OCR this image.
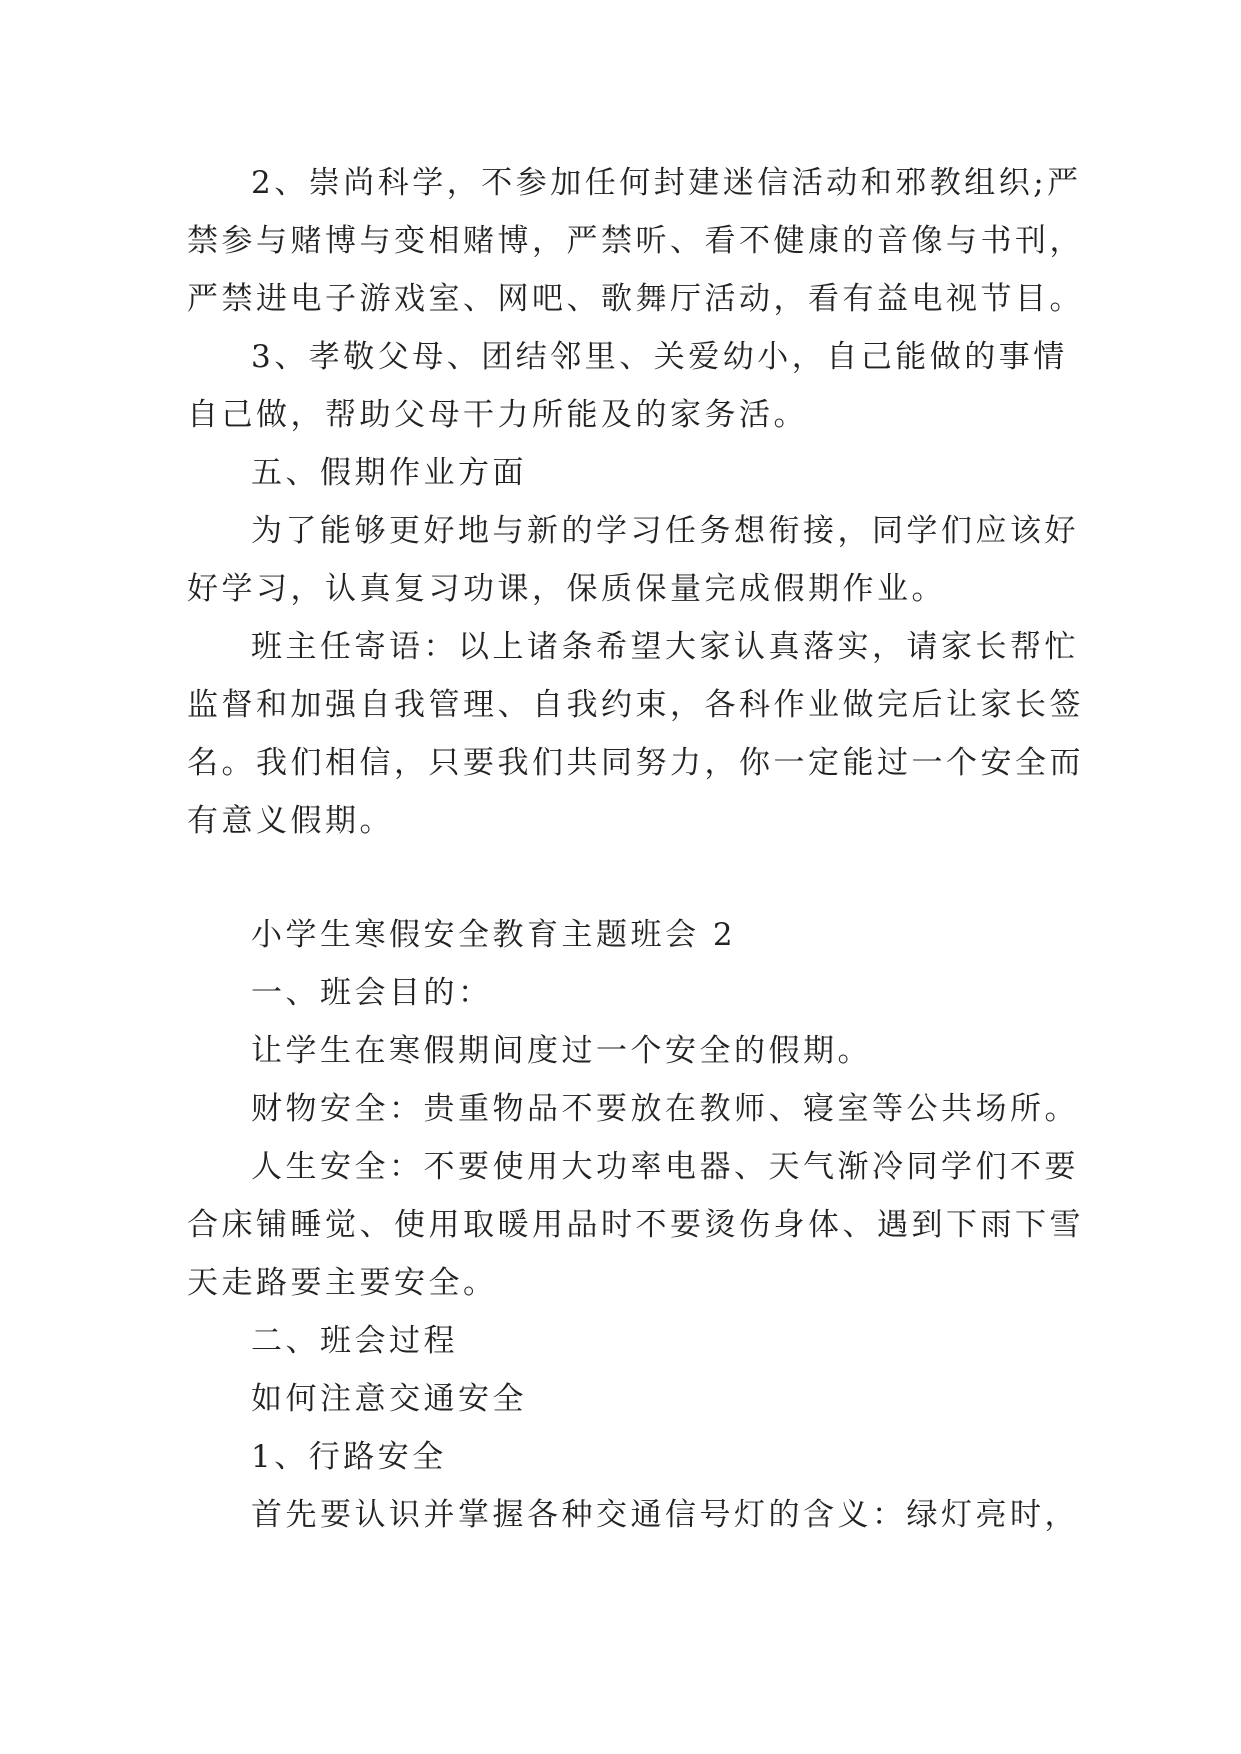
2、崇尚科学，不参加任何封建迷信活动和邪教组织;严

禁参与赌博与变相赌博，严禁听、看不健康的音像与书刊，

严禁进电子游戏室、网吧、歌舞厅活动，看有益电视节目。

3、孝敬父母、团结邻里、关爱幼小，自己能做的事情

自己做，帮助父母干力所能及的家务活。

五、假期作业方面

为了能够更好地与新的学习任务想衔接，同学们应该好

好学习，认真复习功课，保质保量完成假期作业。

班主任寄语：以上诸条希望大家认真落实，请家长帮忙

监督和加强自我管理、自我约束，各科作业做完后让家长签

名。我们相信，只要我们共同努力，你一定能过一个安全而

有意义假期。

小学生寒假安全教育主题班会 2

一、班会目的：

让学生在寒假期间度过一个安全的假期。

财物安全：贵重物品不要放在教师、寝室等公共场所。

人生安全：不要使用大功率电器、天气渐冷同学们不要

合床铺睡觉、使用取暖用品时不要烫伤身体、遇到下雨下雪

天走路要主要安全。

二、班会过程

如何注意交通安全

1、行路安全

首先要认识并掌握各种交通信号灯的含义：绿灯亮时，
